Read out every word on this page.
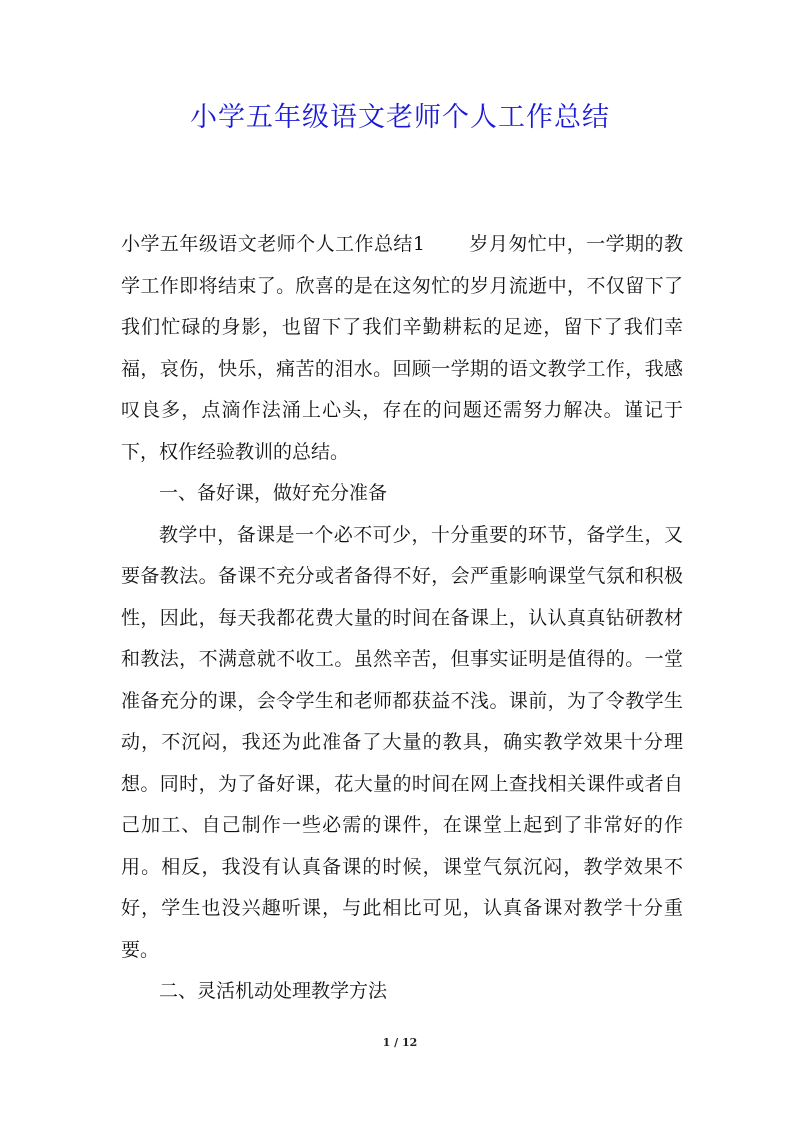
小学五年级语文老师个人工作总结

小学五年级语文老师个人工作总结1 岁月匆忙中，一学期的教学工作即将结束了。欣喜的是在这匆忙的岁月流逝中，不仅留下了我们忙碌的身影，也留下了我们辛勤耕耘的足迹，留下了我们幸福，哀伤，快乐，痛苦的泪水。回顾一学期的语文教学工作，我感叹良多，点滴作法涌上心头，存在的问题还需努力解决。谨记于下，权作经验教训的总结。

一、备好课，做好充分准备

教学中，备课是一个必不可少，十分重要的环节，备学生，又要备教法。备课不充分或者备得不好，会严重影响课堂气氛和积极性，因此，每天我都花费大量的时间在备课上，认认真真钻研教材和教法，不满意就不收工。虽然辛苦，但事实证明是值得的。一堂准备充分的课，会令学生和老师都获益不浅。课前，为了令教学生动，不沉闷，我还为此准备了大量的教具，确实教学效果十分理想。同时，为了备好课，花大量的时间在网上查找相关课件或者自己加工、自己制作一些必需的课件，在课堂上起到了非常好的作用。相反，我没有认真备课的时候，课堂气氛沉闷，教学效果不好，学生也没兴趣听课，与此相比可见，认真备课对教学十分重要。

二、灵活机动处理教学方法

1 / 12
